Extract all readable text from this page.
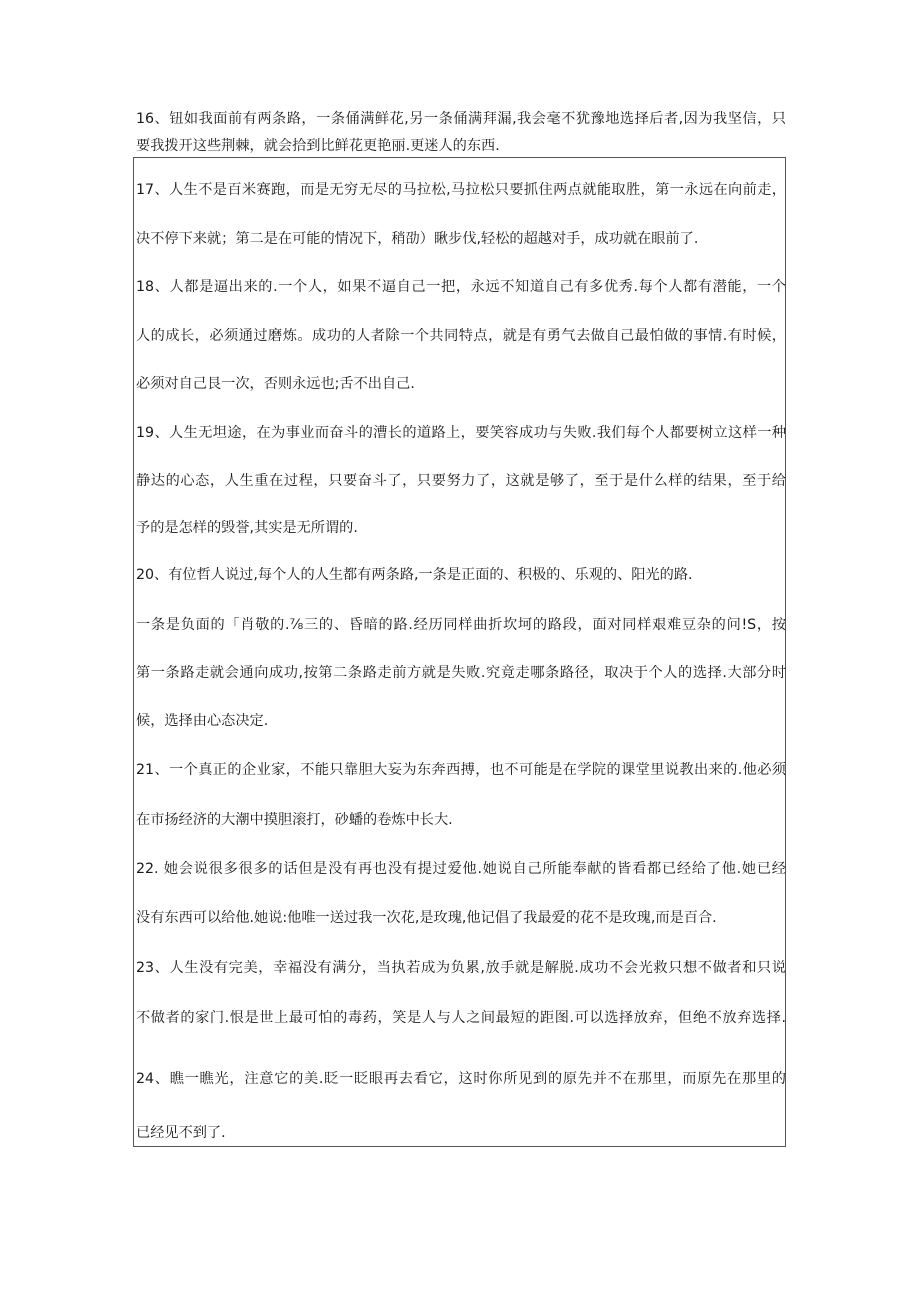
16、钮如我面前有两条路，一条俑满鲜花,另一条俑满拜漏,我会毫不犹豫地选择后者,因为我坚信，只
要我拨开这些荆棘，就会拾到比鲜花更艳丽.更迷人的东西.
17、人生不是百米赛跑，而是无穷无尽的马拉松,马拉松只要抓住两点就能取胜，第一永远在向前走，
决不停下来就；第二是在可能的情况下，稍劭）瞅步伐,轻松的超越对手，成功就在眼前了.
18、人都是逼出来的.一个人，如果不逼自己一把，永远不知道自己有多优秀.每个人都有潜能，一个
人的成长，必须通过磨炼。成功的人者除一个共同特点，就是有勇气去做自己最怕做的事情.有时候，
必须对自己艮一次，否则永远也;舌不出自己.
19、人生无坦途，在为事业而奋斗的漕长的道路上，要笑容成功与失败.我们每个人都要树立这样一种
静达的心态，人生重在过程，只要奋斗了，只要努力了，这就是够了，至于是什么样的结果，至于给
予的是怎样的毁誉,其实是无所谓的.
20、有位哲人说过,每个人的人生都有两条路,一条是正面的、积极的、乐观的、阳光的路.
一条是负面的「肖敬的.⅞三的、昏暗的路.经历同样曲折坎坷的路段，面对同样艰难豆杂的问!S，按
第一条路走就会通向成功,按第二条路走前方就是失败.究竟走哪条路径，取决于个人的选择.大部分时
候，选择由心态决定.
21、一个真正的企业家，不能只靠胆大妄为东奔西搏，也不可能是在学院的课堂里说教出来的.他必须
在市扬经济的大潮中摸胆滚打，砂蟠的卷炼中长大.
22. 她会说很多很多的话但是没有再也没有提过爱他.她说自己所能奉献的皆看都已经给了他.她已经
没有东西可以给他.她说:他唯一送过我一次花,是玫瑰,他记倡了我最爱的花不是玫瑰,而是百合.
23、人生没有完美，幸福没有满分，当执若成为负累,放手就是解脱.成功不会光救只想不做者和只说
不做者的家门.恨是世上最可怕的毒药，笑是人与人之间最短的距图.可以选择放弃，但绝不放弃选择.
24、瞧一瞧光，注意它的美.眨一眨眼再去看它，这时你所见到的原先并不在那里，而原先在那里的
已经见不到了.
